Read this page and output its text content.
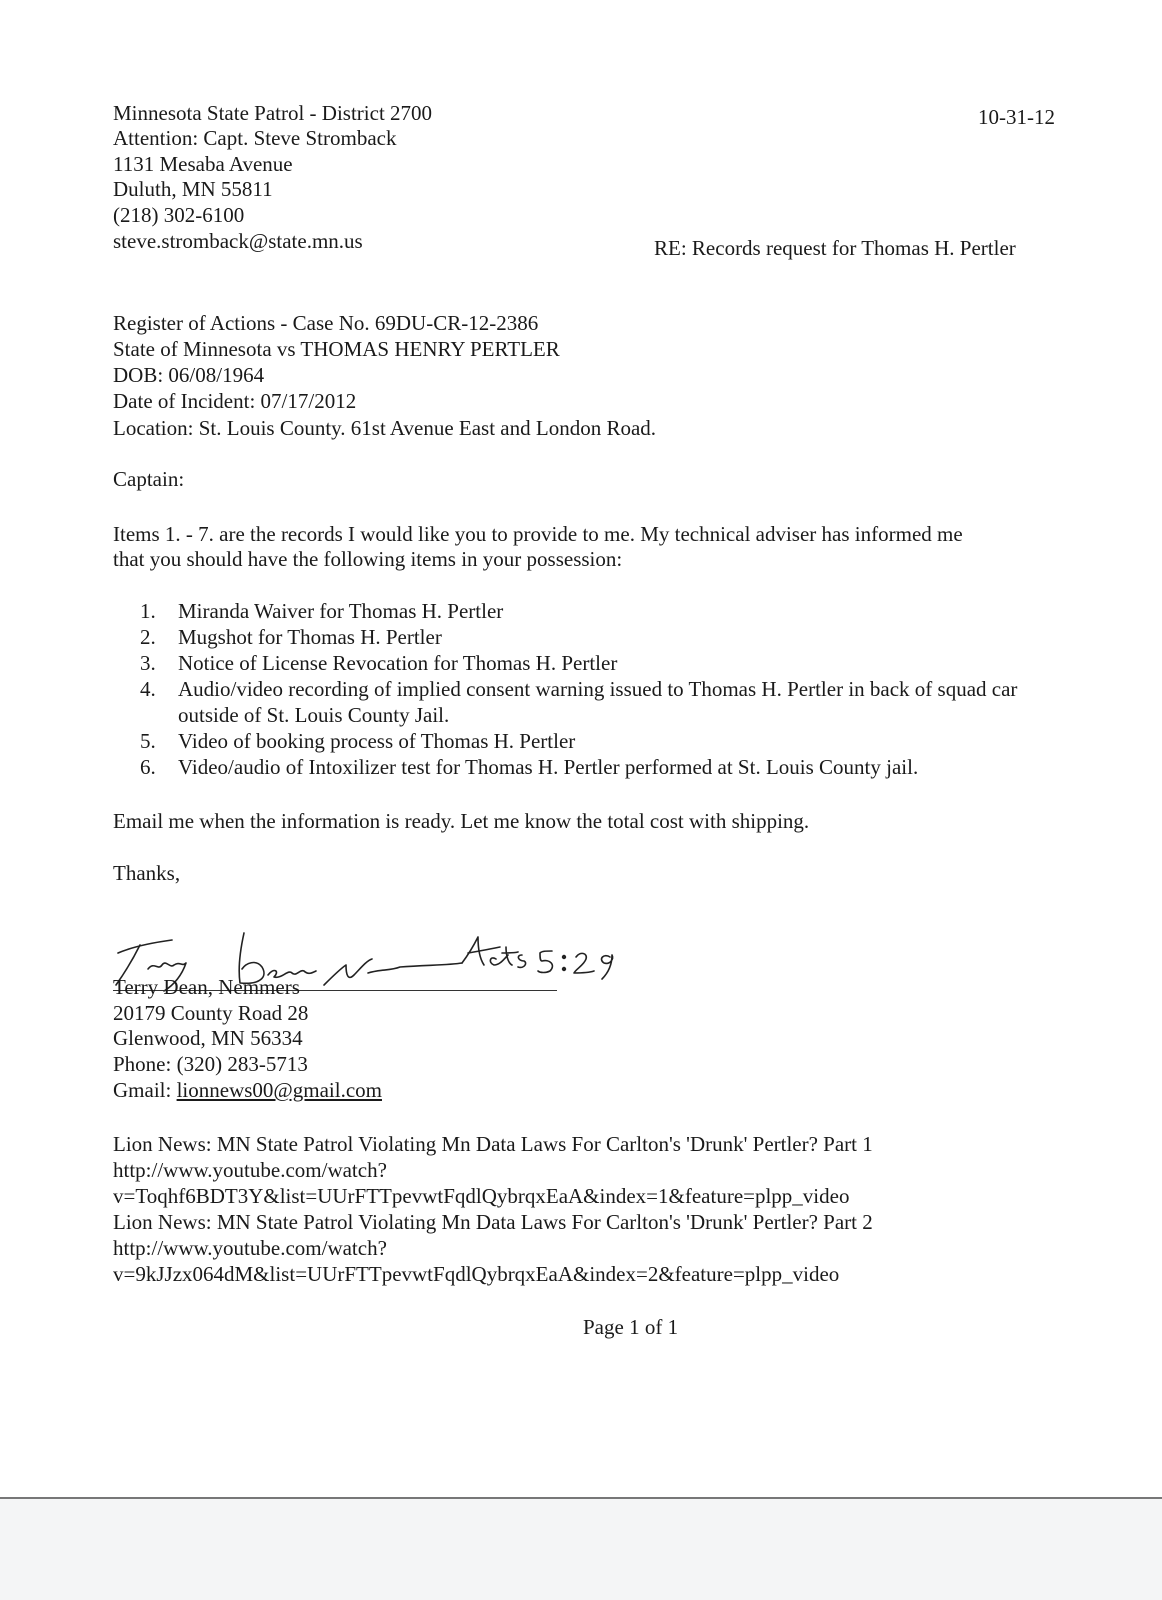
Minnesota State Patrol - District 2700
Attention: Capt. Steve Stromback
1131 Mesaba Avenue
Duluth, MN 55811
(218) 302-6100
steve.stromback@state.mn.us
10-31-12
RE: Records request for Thomas H. Pertler
Register of Actions - Case No. 69DU-CR-12-2386
State of Minnesota vs THOMAS HENRY PERTLER
DOB: 06/08/1964
Date of Incident: 07/17/2012
Location: St. Louis County. 61st Avenue East and London Road.
Captain:
Items 1. - 7. are the records I would like you to provide to me. My technical adviser has informed me
that you should have the following items in your possession:
1.	Miranda Waiver for Thomas H. Pertler
2.	Mugshot for Thomas H. Pertler
3.	Notice of License Revocation for Thomas H. Pertler
4.	Audio/video recording of implied consent warning issued to Thomas H. Pertler in back of squad car outside of St. Louis County Jail.
5.	Video of booking process of Thomas H. Pertler
6.	Video/audio of Intoxilizer test for Thomas H. Pertler performed at St. Louis County jail.
Email me when the information is ready. Let me know the total cost with shipping.
Thanks,
Terry Dean, Nemmers
20179 County Road 28
Glenwood, MN 56334
Phone: (320) 283-5713
Gmail: lionnews00@gmail.com
Lion News: MN State Patrol Violating Mn Data Laws For Carlton's 'Drunk' Pertler? Part 1
http://www.youtube.com/watch?
v=Toqhf6BDT3Y&list=UUrFTTpevwtFqdlQybrqxEaA&index=1&feature=plpp_video
Lion News: MN State Patrol Violating Mn Data Laws For Carlton's 'Drunk' Pertler? Part 2
http://www.youtube.com/watch?
v=9kJJzx064dM&list=UUrFTTpevwtFqdlQybrqxEaA&index=2&feature=plpp_video
Page 1 of 1
